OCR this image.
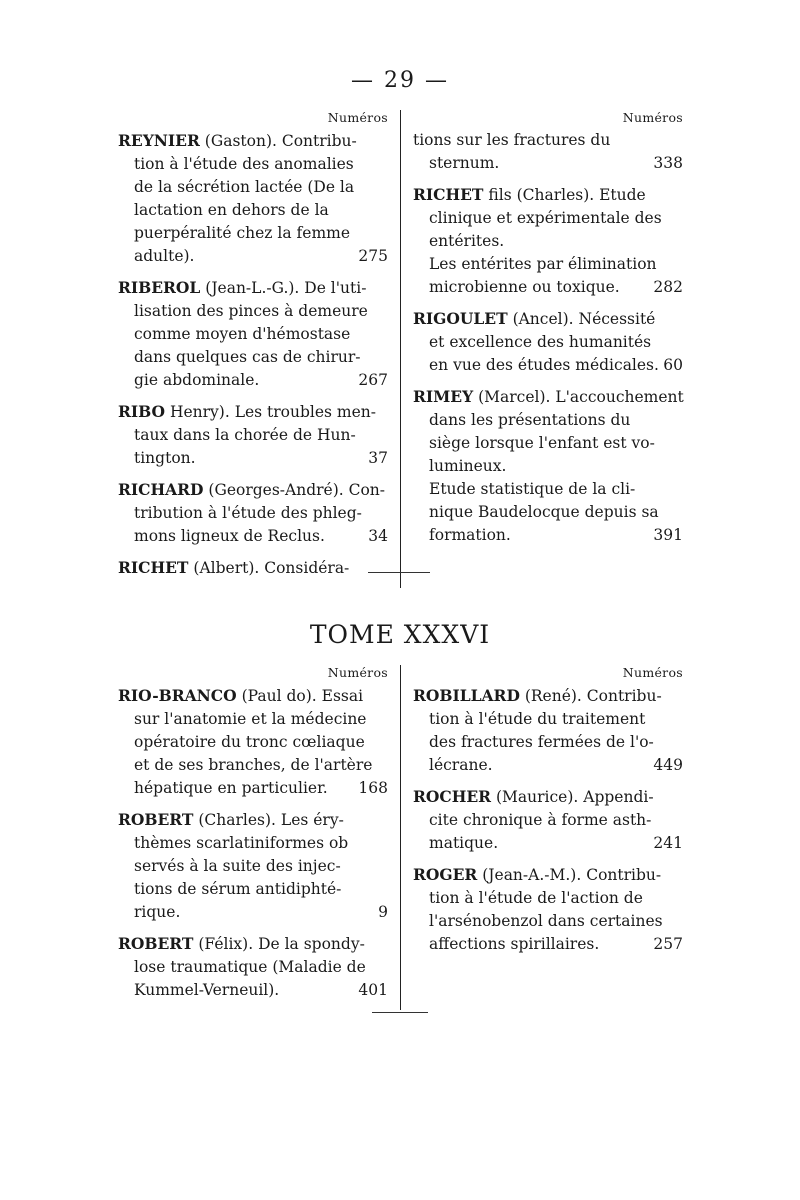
— 29 —
Numéros
REYNIER (Gaston). Contribu-
tion à l'étude des anomalies
de la sécrétion lactée (De la
lactation en dehors de la
puerpéralité chez la femme
adulte).	275
RIBEROL (Jean-L.-G.). De l'uti-
lisation des pinces à demeure
comme moyen d'hémostase
dans quelques cas de chirur-
gie abdominale.	267
RIBO Henry). Les troubles men-
taux dans la chorée de Hun-
tington.	37
RICHARD (Georges-André). Con-
tribution à l'étude des phleg-
mons ligneux de Reclus.	34
RICHET (Albert). Considéra-
Numéros
tions sur les fractures du
sternum.	338
RICHET fils (Charles). Etude
clinique et expérimentale des
entérites.
Les entérites par élimination
microbienne ou toxique. 282
RIGOULET (Ancel). Nécessité
et excellence des humanités
en vue des études médicales. 60
RIMEY (Marcel). L'accouchement
dans les présentations du
siège lorsque l'enfant est vo-
lumineux.
Etude statistique de la cli-
nique Baudelocque depuis sa
formation.	391
TOME XXXVI
Numéros
RIO-BRANCO (Paul do). Essai
sur l'anatomie et la médecine
opératoire du tronc cœliaque
et de ses branches, de l'artère
hépatique en particulier. 168
ROBERT (Charles). Les éry-
thèmes scarlatiniformes ob
servés à la suite des injec-
tions de sérum antidiphté-
rique.	9
ROBERT (Félix). De la spondy-
lose traumatique (Maladie de
Kummel-Verneuil).	401
Numéros
ROBILLARD (René). Contribu-
tion à l'étude du traitement
des fractures fermées de l'o-
lécrane.	449
ROCHER (Maurice). Appendi-
cite chronique à forme asth-
matique.	241
ROGER (Jean-A.-M.). Contribu-
tion à l'étude de l'action de
l'arsénobenzol dans certaines
affections spirillaires.	257
